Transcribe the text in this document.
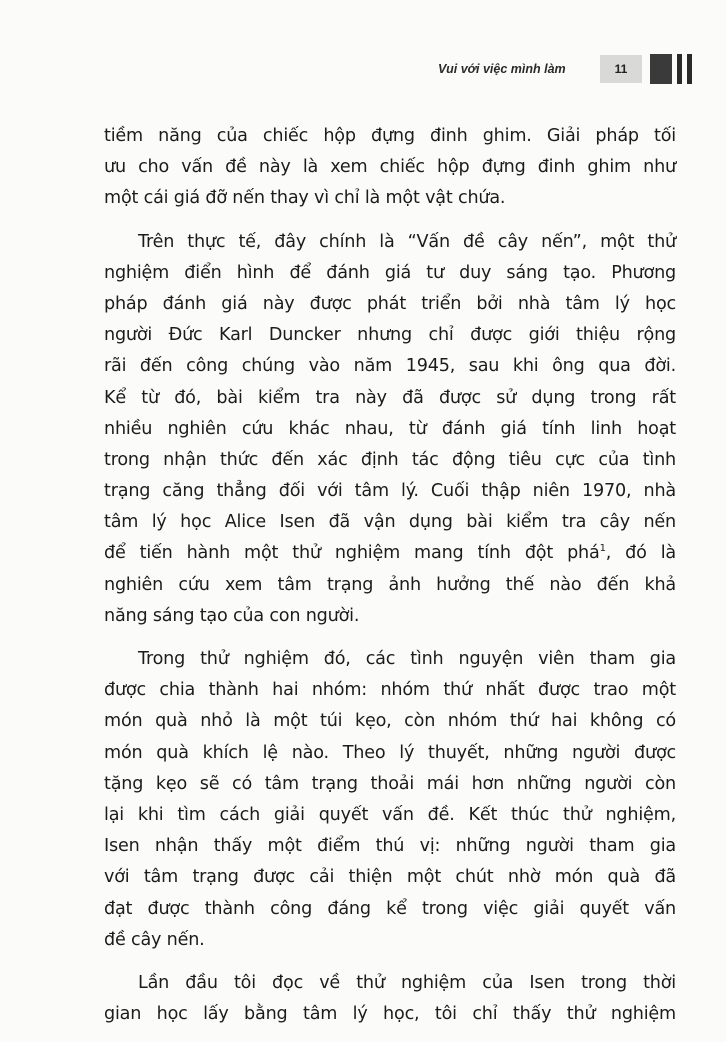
Vui với việc mình làm	11

tiềm năng của chiếc hộp đựng đinh ghim. Giải pháp tối
ưu cho vấn đề này là xem chiếc hộp đựng đinh ghim như
một cái giá đỡ nến thay vì chỉ là một vật chứa.

Trên thực tế, đây chính là “Vấn đề cây nến”, một thử
nghiệm điển hình để đánh giá tư duy sáng tạo. Phương
pháp đánh giá này được phát triển bởi nhà tâm lý học
người Đức Karl Duncker nhưng chỉ được giới thiệu rộng
rãi đến công chúng vào năm 1945, sau khi ông qua đời.
Kể từ đó, bài kiểm tra này đã được sử dụng trong rất
nhiều nghiên cứu khác nhau, từ đánh giá tính linh hoạt
trong nhận thức đến xác định tác động tiêu cực của tình
trạng căng thẳng đối với tâm lý. Cuối thập niên 1970, nhà
tâm lý học Alice Isen đã vận dụng bài kiểm tra cây nến
để tiến hành một thử nghiệm mang tính đột phá$^1$, đó là
nghiên cứu xem tâm trạng ảnh hưởng thế nào đến khả
năng sáng tạo của con người.

Trong thử nghiệm đó, các tình nguyện viên tham gia
được chia thành hai nhóm: nhóm thứ nhất được trao một
món quà nhỏ là một túi kẹo, còn nhóm thứ hai không có
món quà khích lệ nào. Theo lý thuyết, những người được
tặng kẹo sẽ có tâm trạng thoải mái hơn những người còn
lại khi tìm cách giải quyết vấn đề. Kết thúc thử nghiệm,
Isen nhận thấy một điểm thú vị: những người tham gia
với tâm trạng được cải thiện một chút nhờ món quà đã
đạt được thành công đáng kể trong việc giải quyết vấn
đề cây nến.

Lần đầu tôi đọc về thử nghiệm của Isen trong thời
gian học lấy bằng tâm lý học, tôi chỉ thấy thử nghiệm
